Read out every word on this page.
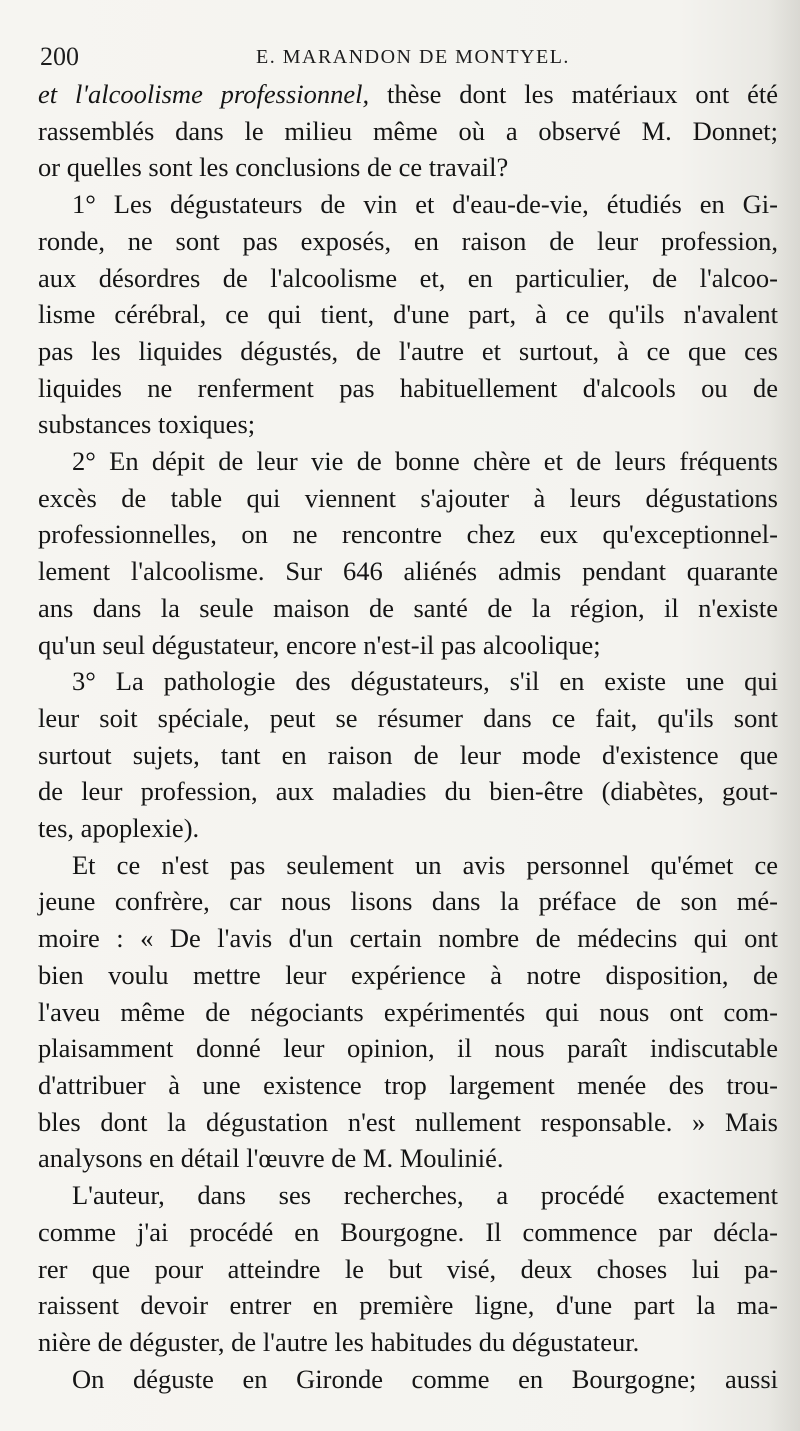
200	E. MARANDON DE MONTYEL.

et l'alcoolisme professionnel, thèse dont les matériaux ont été

rassemblés dans le milieu même où a observé M. Donnet;

or quelles sont les conclusions de ce travail?

1° Les dégustateurs de vin et d'eau-de-vie, étudiés en Gi-

ronde, ne sont pas exposés, en raison de leur profession,

aux désordres de l'alcoolisme et, en particulier, de l'alcoo-

lisme cérébral, ce qui tient, d'une part, à ce qu'ils n'avalent

pas les liquides dégustés, de l'autre et surtout, à ce que ces

liquides ne renferment pas habituellement d'alcools ou de

substances toxiques;

2° En dépit de leur vie de bonne chère et de leurs fréquents

excès de table qui viennent s'ajouter à leurs dégustations

professionnelles, on ne rencontre chez eux qu'exceptionnel-

lement l'alcoolisme. Sur 646 aliénés admis pendant quarante

ans dans la seule maison de santé de la région, il n'existe

qu'un seul dégustateur, encore n'est-il pas alcoolique;

3° La pathologie des dégustateurs, s'il en existe une qui

leur soit spéciale, peut se résumer dans ce fait, qu'ils sont

surtout sujets, tant en raison de leur mode d'existence que

de leur profession, aux maladies du bien-être (diabètes, gout-

tes, apoplexie).

Et ce n'est pas seulement un avis personnel qu'émet ce

jeune confrère, car nous lisons dans la préface de son mé-

moire : « De l'avis d'un certain nombre de médecins qui ont

bien voulu mettre leur expérience à notre disposition, de

l'aveu même de négociants expérimentés qui nous ont com-

plaisamment donné leur opinion, il nous paraît indiscutable

d'attribuer à une existence trop largement menée des trou-

bles dont la dégustation n'est nullement responsable. » Mais

analysons en détail l'œuvre de M. Moulinié.

L'auteur, dans ses recherches, a procédé exactement

comme j'ai procédé en Bourgogne. Il commence par décla-

rer que pour atteindre le but visé, deux choses lui pa-

raissent devoir entrer en première ligne, d'une part la ma-

nière de déguster, de l'autre les habitudes du dégustateur.

On déguste en Gironde comme en Bourgogne; aussi
